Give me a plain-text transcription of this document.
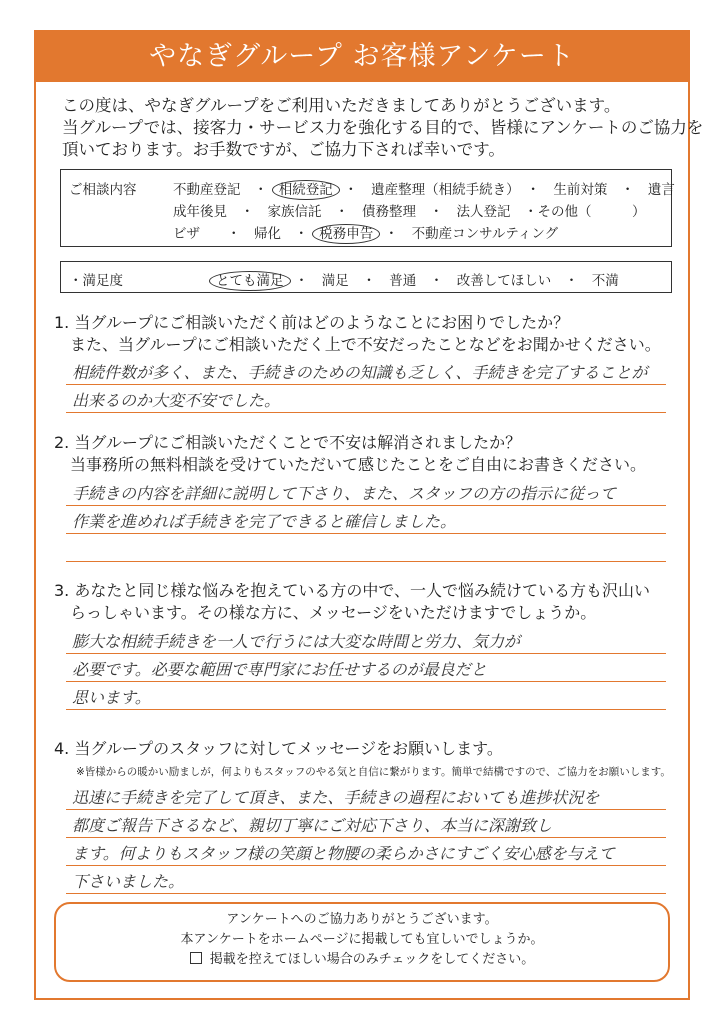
やなぎグループ お客様アンケート
この度は、やなぎグループをご利用いただきましてありがとうございます。
当グループでは、接客力・サービス力を強化する目的で、皆様にアンケートのご協力を
頂いております。お手数ですが、ご協力下されば幸いです。
ご相談内容	不動産登記　・ 相続登記 ・　遺産整理（相続手続き）　・　生前対策　・　遺言
成年後見　・　家族信託　・　債務整理　・　法人登記　・その他（　　　）
ビザ　　・　帰化　・ 税務申告 ・　不動産コンサルティング
・満足度	とても満足 ・　満足　・　普通　・　改善してほしい　・　不満
1. 当グループにご相談いただく前はどのようなことにお困りでしたか？
　また、当グループにご相談いただく上で不安だったことなどをお聞かせください。
相続件数が多く、また、手続きのための知識も乏しく、手続きを完了することが
出来るのか大変不安でした。
2. 当グループにご相談いただくことで不安は解消されましたか？
　当事務所の無料相談を受けていただいて感じたことをご自由にお書きください。
手続きの内容を詳細に説明して下さり、また、スタッフの方の指示に従って
作業を進めれば手続きを完了できると確信しました。
3. あなたと同じ様な悩みを抱えている方の中で、一人で悩み続けている方も沢山い
　らっしゃいます。その様な方に、メッセージをいただけますでしょうか。
膨大な相続手続きを一人で行うには大変な時間と労力、気力が
必要です。必要な範囲で専門家にお任せするのが最良だと
思います。
4. 当グループのスタッフに対してメッセージをお願いします。
※皆様からの暖かい励ましが，何よりもスタッフのやる気と自信に繋がります。簡単で結構ですので、ご協力をお願いします。
迅速に手続きを完了して頂き、また、手続きの過程においても進捗状況を
都度ご報告下さるなど、親切丁寧にご対応下さり、本当に深謝致し
ます。何よりもスタッフ様の笑顔と物腰の柔らかさにすごく安心感を与えて
下さいました。
アンケートへのご協力ありがとうございます。
本アンケートをホームページに掲載しても宜しいでしょうか。
掲載を控えてほしい場合のみチェックをしてください。
